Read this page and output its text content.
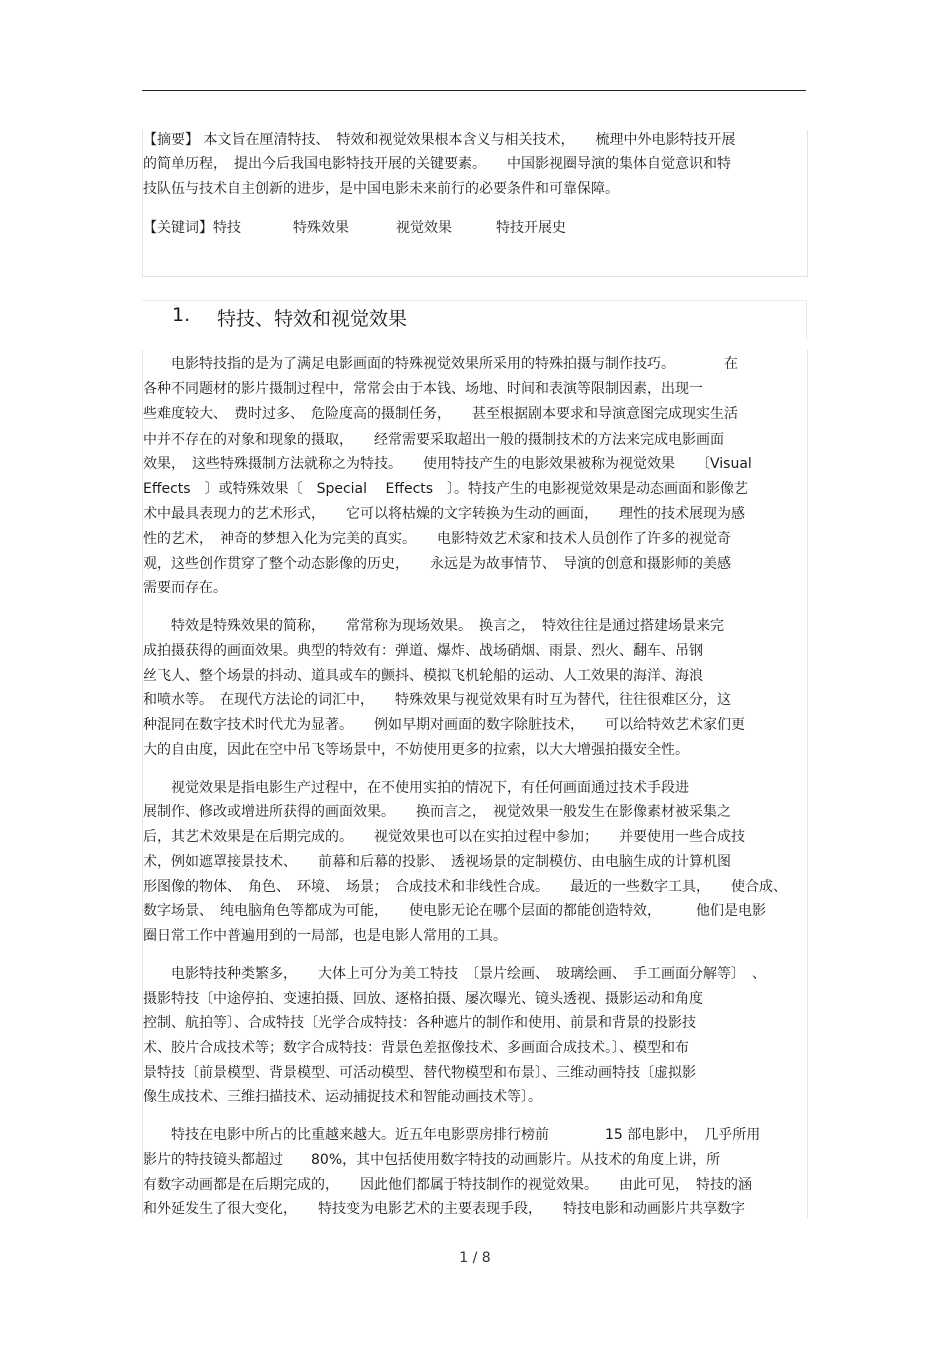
【摘要】 本文旨在厘清特技、　特效和视觉效果根本含义与相关技术，　　梳理中外电影特技开展
的简单历程，　提出今后我国电影特技开展的关键要素。　　中国影视圈导演的集体自觉意识和特
技队伍与技术自主创新的进步，是中国电影未来前行的必要条件和可靠保障。
【关键词】特技	特殊效果	视觉效果	特技开展史
1. 特技、特效和视觉效果
　　电影特技指的是为了满足电影画面的特殊视觉效果所采用的特殊拍摄与制作技巧。　　　　在
各种不同题材的影片摄制过程中，常常会由于本钱、场地、时间和表演等限制因素，出现一
些难度较大、　费时过多、　危险度高的摄制任务，　　甚至根据剧本要求和导演意图完成现实生活
中并不存在的对象和现象的摄取，　　经常需要采取超出一般的摄制技术的方法来完成电影画面
效果，　这些特殊摄制方法就称之为特技。　　使用特技产生的电影效果被称为视觉效果　　〔Visual
Effects　〕或特殊效果〔　Special　 Effects　〕。特技产生的电影视觉效果是动态画面和影像艺
术中最具表现力的艺术形式，　　它可以将枯燥的文字转换为生动的画面，　　理性的技术展现为感
性的艺术，　神奇的梦想入化为完美的真实。　　电影特效艺术家和技术人员创作了许多的视觉奇
观，这些创作贯穿了整个动态影像的历史，　　永远是为故事情节、　导演的创意和摄影师的美感
需要而存在。
　　特效是特殊效果的简称，　　常常称为现场效果。　换言之，　特效往往是通过搭建场景来完
成拍摄获得的画面效果。典型的特效有：弹道、爆炸、战场硝烟、雨景、烈火、翻车、吊钢
丝飞人、整个场景的抖动、道具或车的颤抖、模拟飞机轮船的运动、人工效果的海洋、海浪
和喷水等。　在现代方法论的词汇中，　　特殊效果与视觉效果有时互为替代，往往很难区分，这
种混同在数字技术时代尤为显著。　　例如早期对画面的数字除脏技术，　　可以给特效艺术家们更
大的自由度，因此在空中吊飞等场景中，不妨使用更多的拉索，以大大增强拍摄安全性。
　　视觉效果是指电影生产过程中，在不使用实拍的情况下，有任何画面通过技术手段进
展制作、修改或增进所获得的画面效果。　　换而言之，　视觉效果一般发生在影像素材被采集之
后，其艺术效果是在后期完成的。　　视觉效果也可以在实拍过程中参加；　　并要使用一些合成技
术，例如遮罩接景技术、　　前幕和后幕的投影、　透视场景的定制模仿、由电脑生成的计算机图
形图像的物体、　角色、　环境、　场景；　合成技术和非线性合成。　　最近的一些数字工具，　　使合成、
数字场景、　纯电脑角色等都成为可能，　　使电影无论在哪个层面的都能创造特效，　　　他们是电影
圈日常工作中普遍用到的一局部，也是电影人常用的工具。
　　电影特技种类繁多，　　大体上可分为美工特技　〔景片绘画、　玻璃绘画、　手工画面分解等〕　、
摄影特技〔中途停拍、变速拍摄、回放、逐格拍摄、屡次曝光、镜头透视、摄影运动和角度
控制、航拍等〕、合成特技〔光学合成特技：各种遮片的制作和使用、前景和背景的投影技
术、胶片合成技术等；数字合成特技：背景色差抠像技术、多画面合成技术。〕、模型和布
景特技〔前景模型、背景模型、可活动模型、替代物模型和布景〕、三维动画特技〔虚拟影
像生成技术、三维扫描技术、运动捕捉技术和智能动画技术等〕。
　　特技在电影中所占的比重越来越大。近五年电影票房排行榜前　　　　15 部电影中，　几乎所用
影片的特技镜头都超过　　80%，其中包括使用数字特技的动画影片。从技术的角度上讲，所
有数字动画都是在后期完成的，　　因此他们都属于特技制作的视觉效果。　　由此可见，　特技的涵
和外延发生了很大变化，　　特技变为电影艺术的主要表现手段，　　特技电影和动画影片共享数字
1 / 8
